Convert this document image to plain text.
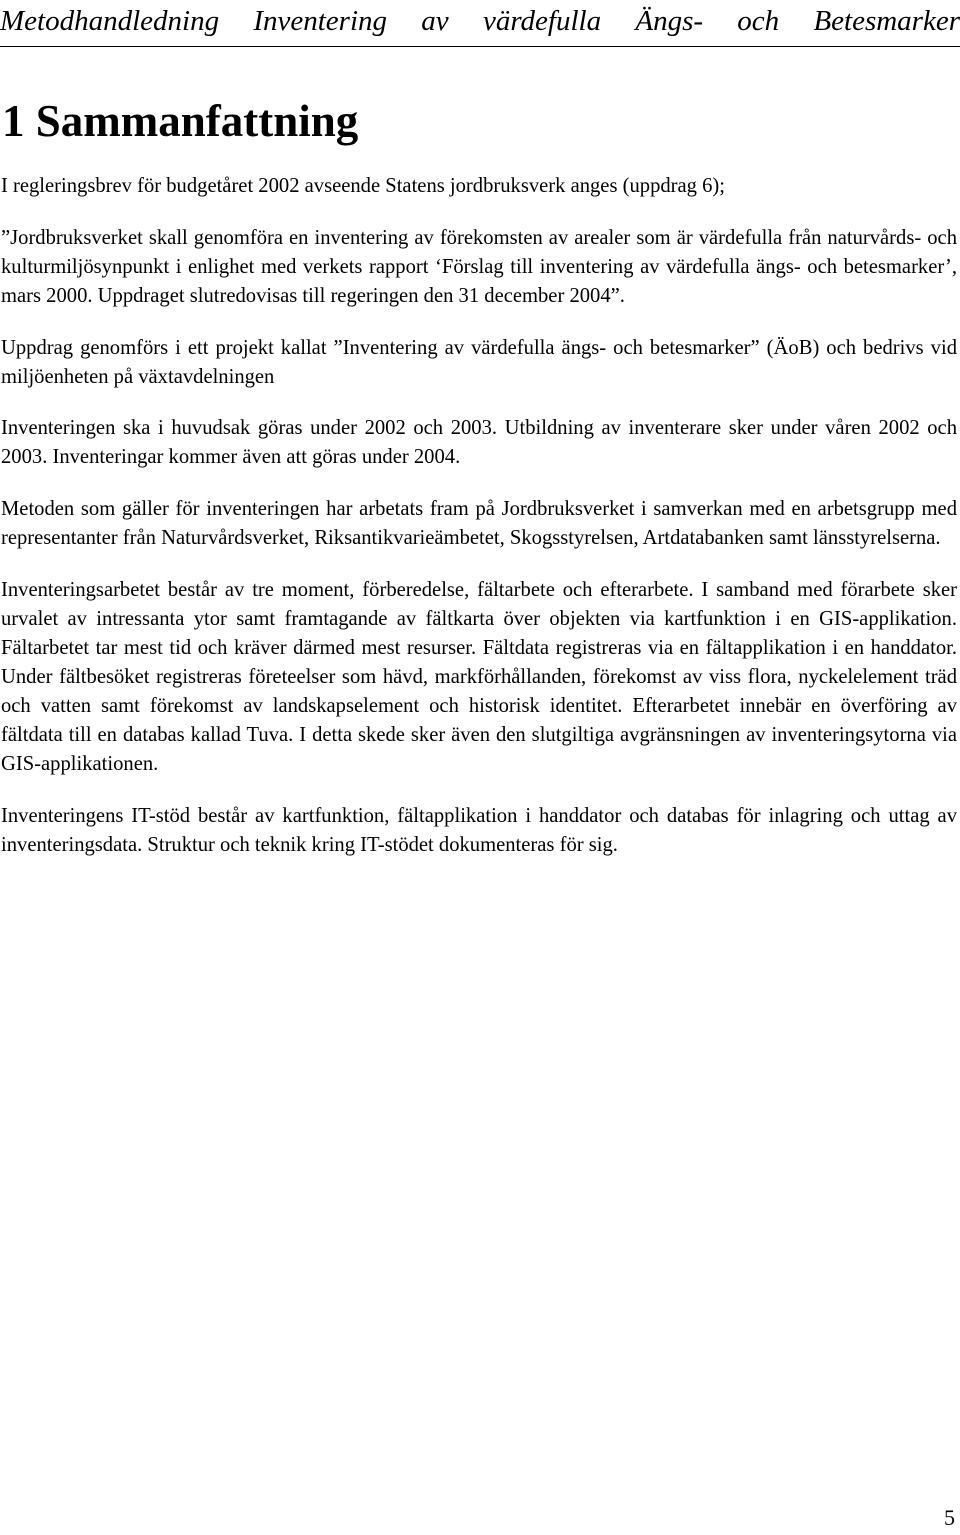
Metodhandledning Inventering av värdefulla Ängs- och Betesmarker
1 Sammanfattning

I regleringsbrev för budgetåret 2002 avseende Statens jordbruksverk anges (uppdrag 6);

”Jordbruksverket skall genomföra en inventering av förekomsten av arealer som är värdefulla från naturvårds- och kulturmiljösynpunkt i enlighet med verkets rapport ‘Förslag till inventering av värdefulla ängs- och betesmarker’, mars 2000. Uppdraget slutredovisas till regeringen den 31 december 2004”.

Uppdrag genomförs i ett projekt kallat ”Inventering av värdefulla ängs- och betesmarker” (ÄoB) och bedrivs vid miljöenheten på växtavdelningen

Inventeringen ska i huvudsak göras under 2002 och 2003. Utbildning av inventerare sker under våren 2002 och 2003. Inventeringar kommer även att göras under 2004.

Metoden som gäller för inventeringen har arbetats fram på Jordbruksverket i samverkan med en arbetsgrupp med representanter från Naturvårdsverket, Riksantikvarieämbetet, Skogsstyrelsen, Artdatabanken samt länsstyrelserna.

Inventeringsarbetet består av tre moment, förberedelse, fältarbete och efterarbete. I samband med förarbete sker urvalet av intressanta ytor samt framtagande av fältkarta över objekten via kartfunktion i en GIS-applikation. Fältarbetet tar mest tid och kräver därmed mest resurser. Fältdata registreras via en fältapplikation i en handdator. Under fältbesöket registreras företeelser som hävd, markförhållanden, förekomst av viss flora, nyckelelement träd och vatten samt förekomst av landskapselement och historisk identitet. Efterarbetet innebär en överföring av fältdata till en databas kallad Tuva. I detta skede sker även den slutgiltiga avgränsningen av inventeringsytorna via GIS-applikationen.

Inventeringens IT-stöd består av kartfunktion, fältapplikation i handdator och databas för inlagring och uttag av inventeringsdata. Struktur och teknik kring IT-stödet dokumenteras för sig.

5
